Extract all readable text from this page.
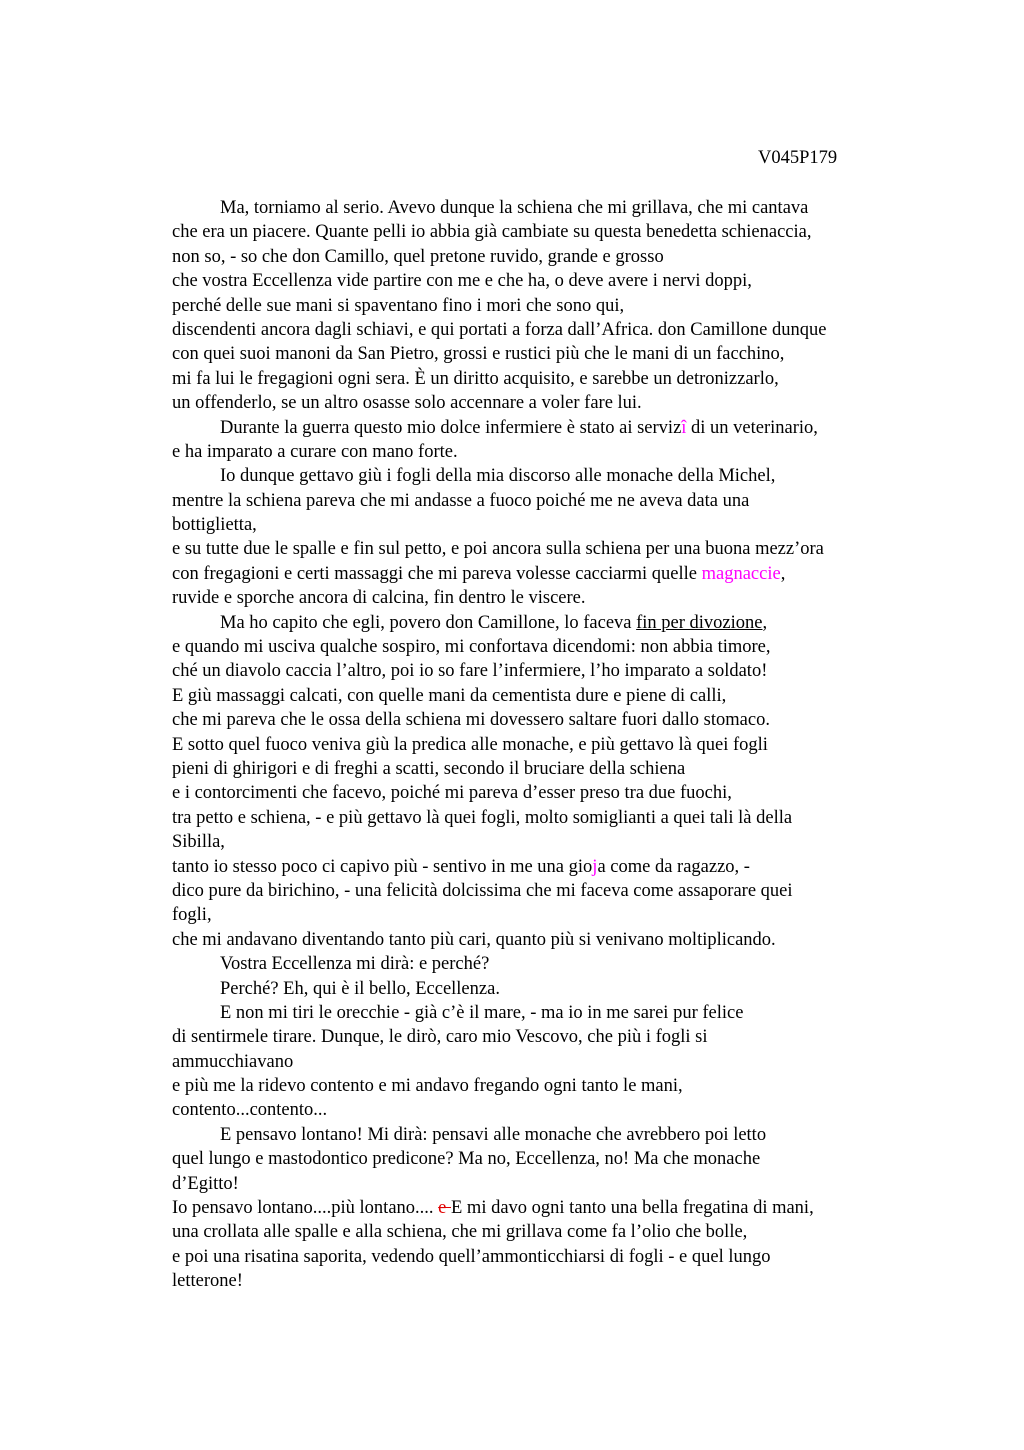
V045P179
Ma, torniamo al serio. Avevo dunque la schiena che mi grillava, che mi cantava
che era un piacere. Quante pelli io abbia già cambiate su questa benedetta schienaccia,
non so, - so che don Camillo, quel pretone ruvido, grande e grosso
che vostra Eccellenza vide partire con me e che ha, o deve avere i nervi doppi,
perché delle sue mani si spaventano fino i mori che sono qui,
discendenti ancora dagli schiavi, e qui portati a forza dall’Africa. don Camillone dunque
con quei suoi manoni da San Pietro, grossi e rustici più che le mani di un facchino,
mi fa lui le fregagioni ogni sera. È un diritto acquisito, e sarebbe un detronizzarlo,
un offenderlo, se un altro osasse solo accennare a voler fare lui.
Durante la guerra questo mio dolce infermiere è stato ai servizî di un veterinario,
e ha imparato a curare con mano forte.
Io dunque gettavo giù i fogli della mia discorso alle monache della Michel,
mentre la schiena pareva che mi andasse a fuoco poiché me ne aveva data una
bottiglietta,
e su tutte due le spalle e fin sul petto, e poi ancora sulla schiena per una buona mezz’ora
con fregagioni e certi massaggi che mi pareva volesse cacciarmi quelle magnaccie,
ruvide e sporche ancora di calcina, fin dentro le viscere.
Ma ho capito che egli, povero don Camillone, lo faceva fin per divozione,
e quando mi usciva qualche sospiro, mi confortava dicendomi: non abbia timore,
ché un diavolo caccia l’altro, poi io so fare l’infermiere, l’ho imparato a soldato!
E giù massaggi calcati, con quelle mani da cementista dure e piene di calli,
che mi pareva che le ossa della schiena mi dovessero saltare fuori dallo stomaco.
E sotto quel fuoco veniva giù la predica alle monache, e più gettavo là quei fogli
pieni di ghirigori e di freghi a scatti, secondo il bruciare della schiena
e i contorcimenti che facevo, poiché mi pareva d’esser preso tra due fuochi,
tra petto e schiena, - e più gettavo là quei fogli, molto somiglianti a quei tali là della
Sibilla,
tanto io stesso poco ci capivo più - sentivo in me una gioja come da ragazzo, -
dico pure da birichino, - una felicità dolcissima che mi faceva come assaporare quei
fogli,
che mi andavano diventando tanto più cari, quanto più si venivano moltiplicando.
Vostra Eccellenza mi dirà: e perché?
Perché? Eh, qui è il bello, Eccellenza.
E non mi tiri le orecchie - già c’è il mare, - ma io in me sarei pur felice
di sentirmele tirare. Dunque, le dirò, caro mio Vescovo, che più i fogli si
ammucchiavano
e più me la ridevo contento e mi andavo fregando ogni tanto le mani,
contento...contento...
E pensavo lontano! Mi dirà: pensavi alle monache che avrebbero poi letto
quel lungo e mastodontico predicone? Ma no, Eccellenza, no! Ma che monache
d’Egitto!
Io pensavo lontano....più lontano.... e E mi davo ogni tanto una bella fregatina di mani,
una crollata alle spalle e alla schiena, che mi grillava come fa l’olio che bolle,
e poi una risatina saporita, vedendo quell’ammonticchiarsi di fogli - e quel lungo
letterone!
